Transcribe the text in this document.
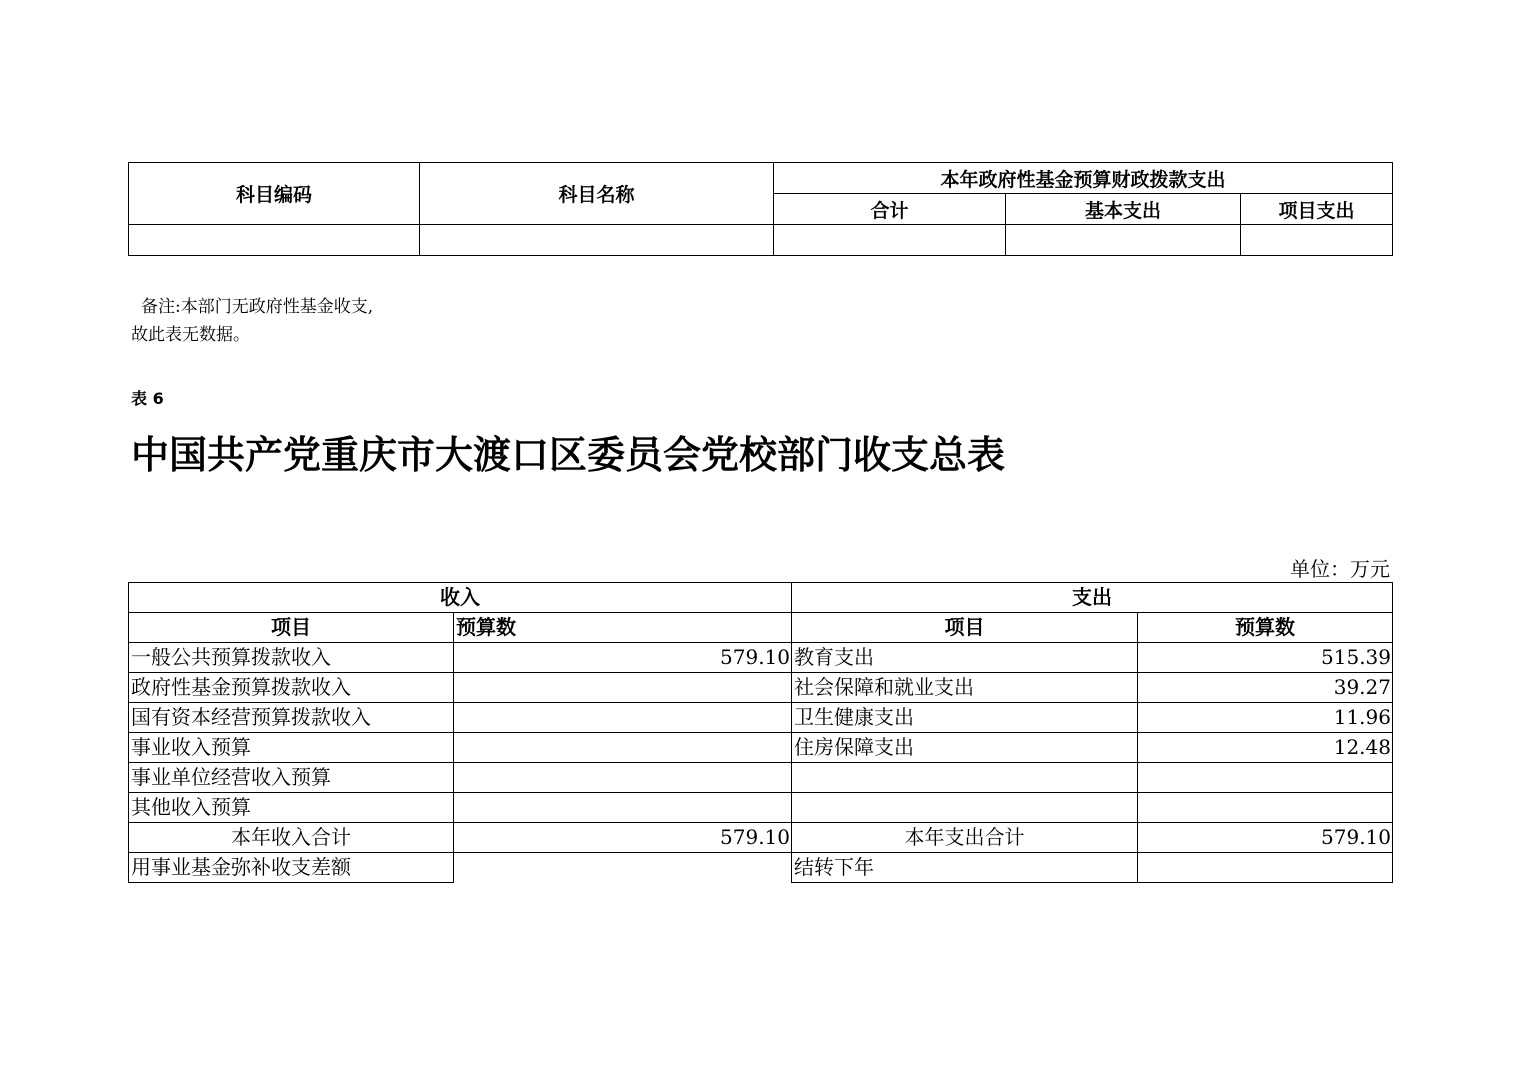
科目编码	科目名称	本年政府性基金预算财政拨款支出		
		合计	基本支出	项目支出

备注:本部门无政府性基金收支,
故此表无数据。
表 6
中国共产党重庆市大渡口区委员会党校部门收支总表
单位：万元
收入		支出	
项目	预算数	项目	预算数
一般公共预算拨款收入	579.10	教育支出	515.39
政府性基金预算拨款收入		社会保障和就业支出	39.27
国有资本经营预算拨款收入		卫生健康支出	11.96
事业收入预算		住房保障支出	12.48
事业单位经营收入预算			
其他收入预算			
本年收入合计	579.10	本年支出合计	579.10
用事业基金弥补收支差额		结转下年	
